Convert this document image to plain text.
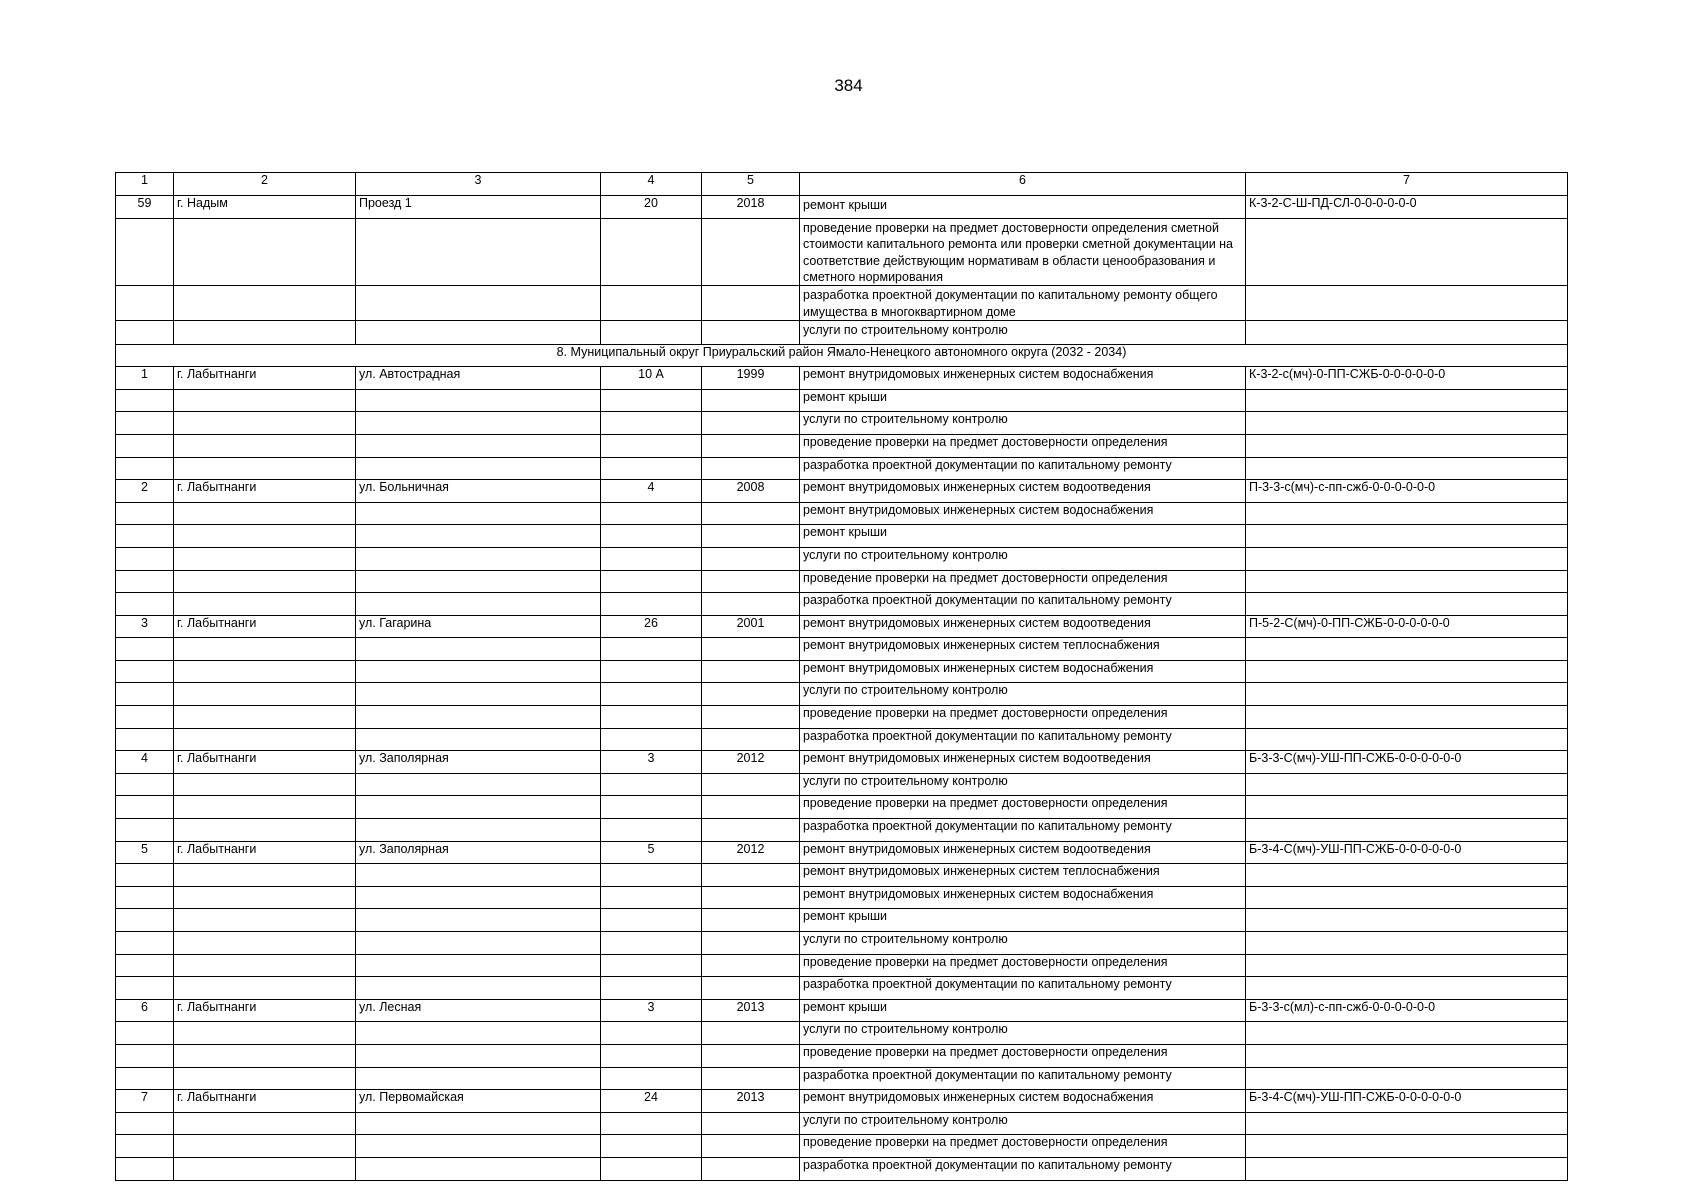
384
1	2	3	4	5	6	7
59	г. Надым	Проезд 1	20	2018	ремонт крыши	К-3-2-С-Ш-ПД-СЛ-0-0-0-0-0-0
					проведение проверки на предмет достоверности определения сметной стоимости капитального ремонта или проверки сметной документации на соответствие действующим нормативам в области ценообразования и сметного нормирования	
					разработка проектной документации по капитальному ремонту общего имущества в многоквартирном доме	
					услуги по строительному контролю	
8. Муниципальный округ Приуральский район Ямало-Ненецкого автономного округа (2032 - 2034)						
1	г. Лабытнанги	ул. Автострадная	10 А	1999	ремонт внутридомовых инженерных систем водоснабжения	К-3-2-с(мч)-0-ПП-СЖБ-0-0-0-0-0-0
					ремонт крыши	
					услуги по строительному контролю	
					проведение проверки на предмет достоверности определения	
					разработка проектной документации по капитальному ремонту	
2	г. Лабытнанги	ул. Больничная	4	2008	ремонт внутридомовых инженерных систем водоотведения	П-3-3-с(мч)-с-пп-сжб-0-0-0-0-0-0
					ремонт внутридомовых инженерных систем водоснабжения	
					ремонт крыши	
					услуги по строительному контролю	
					проведение проверки на предмет достоверности определения	
					разработка проектной документации по капитальному ремонту	
3	г. Лабытнанги	ул. Гагарина	26	2001	ремонт внутридомовых инженерных систем водоотведения	П-5-2-С(мч)-0-ПП-СЖБ-0-0-0-0-0-0
					ремонт внутридомовых инженерных систем теплоснабжения	
					ремонт внутридомовых инженерных систем водоснабжения	
					услуги по строительному контролю	
					проведение проверки на предмет достоверности определения	
					разработка проектной документации по капитальному ремонту	
4	г. Лабытнанги	ул. Заполярная	3	2012	ремонт внутридомовых инженерных систем водоотведения	Б-3-3-С(мч)-УШ-ПП-СЖБ-0-0-0-0-0-0
					услуги по строительному контролю	
					проведение проверки на предмет достоверности определения	
					разработка проектной документации по капитальному ремонту	
5	г. Лабытнанги	ул. Заполярная	5	2012	ремонт внутридомовых инженерных систем водоотведения	Б-3-4-С(мч)-УШ-ПП-СЖБ-0-0-0-0-0-0
					ремонт внутридомовых инженерных систем теплоснабжения	
					ремонт внутридомовых инженерных систем водоснабжения	
					ремонт крыши	
					услуги по строительному контролю	
					проведение проверки на предмет достоверности определения	
					разработка проектной документации по капитальному ремонту	
6	г. Лабытнанги	ул. Лесная	3	2013	ремонт крыши	Б-3-3-с(мл)-с-пп-сжб-0-0-0-0-0-0
					услуги по строительному контролю	
					проведение проверки на предмет достоверности определения	
					разработка проектной документации по капитальному ремонту	
7	г. Лабытнанги	ул. Первомайская	24	2013	ремонт внутридомовых инженерных систем водоснабжения	Б-3-4-С(мч)-УШ-ПП-СЖБ-0-0-0-0-0-0
					услуги по строительному контролю	
					проведение проверки на предмет достоверности определения	
					разработка проектной документации по капитальному ремонту	
